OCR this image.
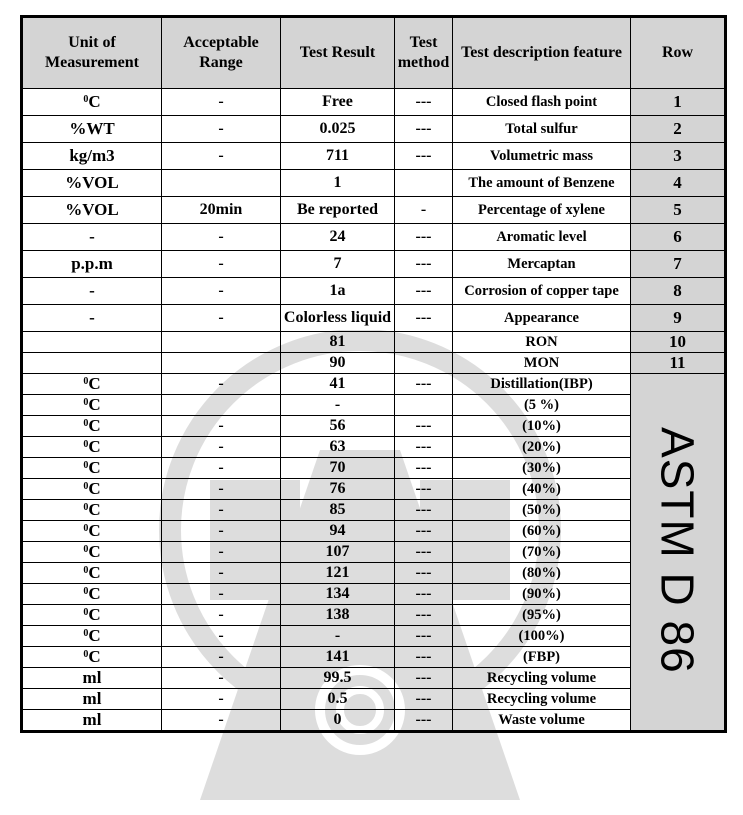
Unit of Measurement	Acceptable Range	Test Result	Test method	Test description feature	Row
$^0$C	-	Free	---	Closed flash point	1
%WT	-	0.025	---	Total sulfur	2
kg/m3	-	711	---	Volumetric mass	3
%VOL		1		The amount of Benzene	4
%VOL	20min	Be reported	-	Percentage of xylene	5
-	-	24	---	Aromatic level	6
p.p.m	-	7	---	Mercaptan	7
-	-	1a	---	Corrosion of copper tape	8
-	-	Colorless liquid	---	Appearance	9
		81		RON	10
		90		MON	11
$^0$C	-	41	---	Distillation(IBP)	ASTM D 86
$^0$C		-		(5 %)	
$^0$C	-	56	---	(10%)	
$^0$C	-	63	---	(20%)	
$^0$C	-	70	---	(30%)	
$^0$C	-	76	---	(40%)	
$^0$C	-	85	---	(50%)	
$^0$C	-	94	---	(60%)	
$^0$C	-	107	---	(70%)	
$^0$C	-	121	---	(80%)	
$^0$C	-	134	---	(90%)	
$^0$C	-	138	---	(95%)	
$^0$C	-	-	---	(100%)	
$^0$C	-	141	---	(FBP)	
ml	-	99.5	---	Recycling volume	
ml	-	0.5	---	Recycling volume	
ml	-	0	---	Waste volume	
